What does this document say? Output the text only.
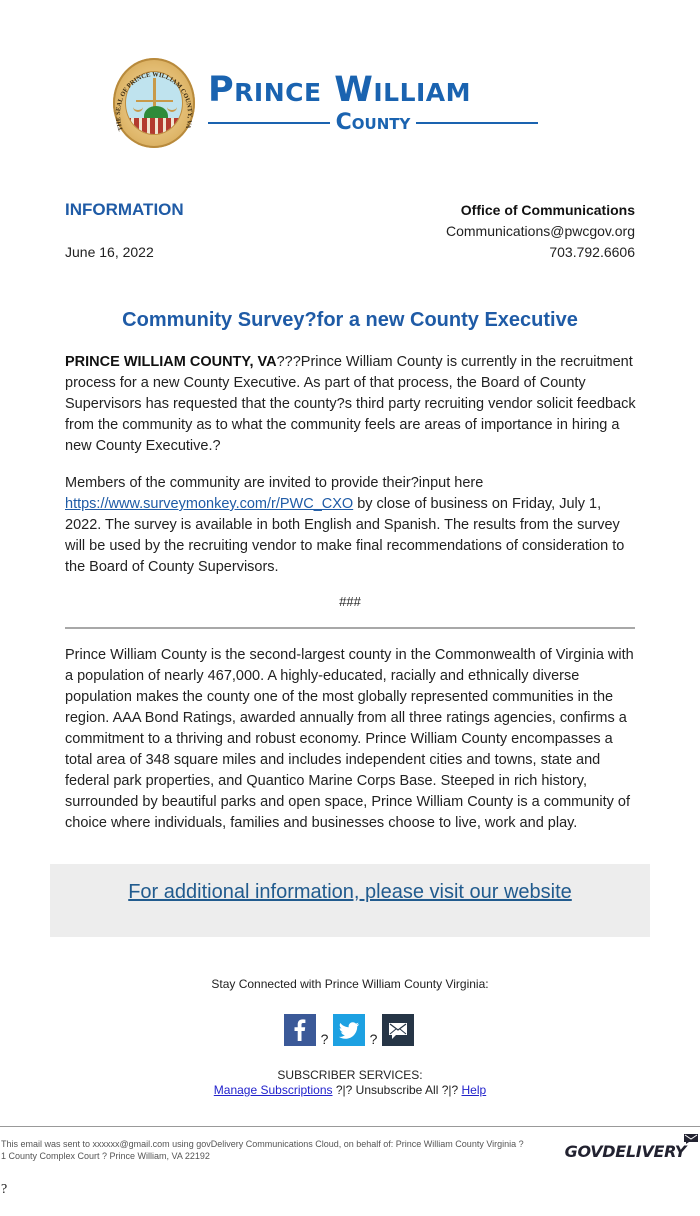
THE SEAL OF PRINCE WILLIAM COUNTY, VA
Prince William
County
INFORMATION
June 16, 2022
Office of Communications
Communications@pwcgov.org
703.792.6606
Community Survey?for a new County Executive
PRINCE WILLIAM COUNTY, VA???Prince William County is currently in the recruitment process for a new County Executive. As part of that process, the Board of County Supervisors has requested that the county?s third party recruiting vendor solicit feedback from the community as to what the community feels are areas of importance in hiring a new County Executive.?
Members of the community are invited to provide their?input here https://www.surveymonkey.com/r/PWC_CXO by close of business on Friday, July 1, 2022. The survey is available in both English and Spanish. The results from the survey will be used by the recruiting vendor to make final recommendations of consideration to the Board of County Supervisors.
###
Prince William County is the second-largest county in the Commonwealth of Virginia with a population of nearly 467,000. A highly-educated, racially and ethnically diverse population makes the county one of the most globally represented communities in the region. AAA Bond Ratings, awarded annually from all three ratings agencies, confirms a commitment to a thriving and robust economy. Prince William County encompasses a total area of 348 square miles and includes independent cities and towns, state and federal park properties, and Quantico Marine Corps Base. Steeped in rich history, surrounded by beautiful parks and open space, Prince William County is a community of choice where individuals, families and businesses choose to live, work and play.
For additional information, please visit our website
Stay Connected with Prince William County Virginia:
?	?
SUBSCRIBER SERVICES:
Manage Subscriptions ?|? Unsubscribe All ?|? Help
This email was sent to xxxxxx@gmail.com using govDelivery Communications Cloud, on behalf of: Prince William County Virginia ?
1 County Complex Court ? Prince William, VA 22192	GOVDELIVERY
?
